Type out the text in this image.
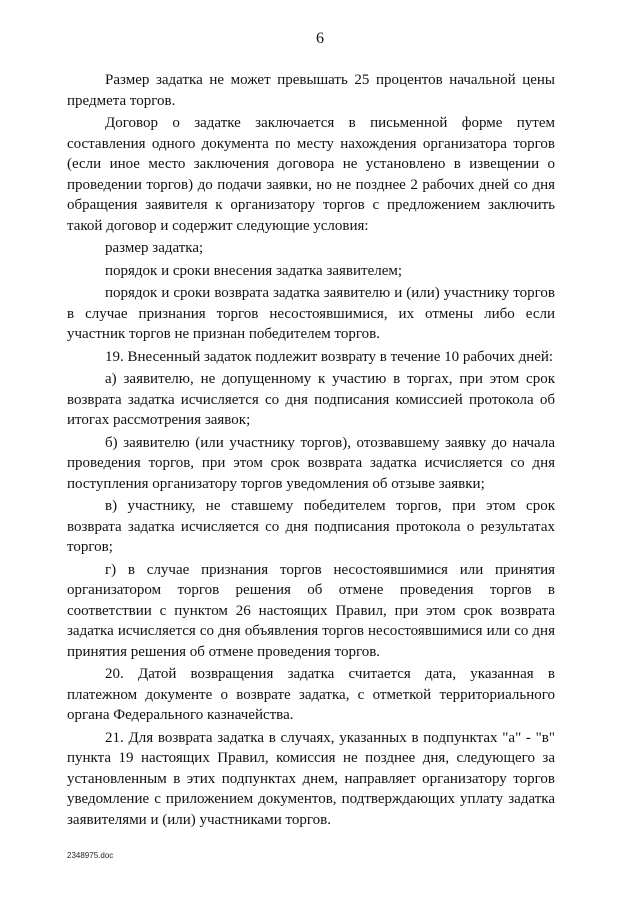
6

Размер задатка не может превышать 25 процентов начальной цены предмета торгов.

Договор о задатке заключается в письменной форме путем составления одного документа по месту нахождения организатора торгов (если иное место заключения договора не установлено в извещении о проведении торгов) до подачи заявки, но не позднее 2 рабочих дней со дня обращения заявителя к организатору торгов с предложением заключить такой договор и содержит следующие условия:

размер задатка;

порядок и сроки внесения задатка заявителем;

порядок и сроки возврата задатка заявителю и (или) участнику торгов в случае признания торгов несостоявшимися, их отмены либо если участник торгов не признан победителем торгов.

19. Внесенный задаток подлежит возврату в течение 10 рабочих дней:

а) заявителю, не допущенному к участию в торгах, при этом срок возврата задатка исчисляется со дня подписания комиссией протокола об итогах рассмотрения заявок;

б) заявителю (или участнику торгов), отозвавшему заявку до начала проведения торгов, при этом срок возврата задатка исчисляется со дня поступления организатору торгов уведомления об отзыве заявки;

в) участнику, не ставшему победителем торгов, при этом срок возврата задатка исчисляется со дня подписания протокола о результатах торгов;

г) в случае признания торгов несостоявшимися или принятия организатором торгов решения об отмене проведения торгов в соответствии с пунктом 26 настоящих Правил, при этом срок возврата задатка исчисляется со дня объявления торгов несостоявшимися или со дня принятия решения об отмене проведения торгов.

20. Датой возвращения задатка считается дата, указанная в платежном документе о возврате задатка, с отметкой территориального органа Федерального казначейства.

21. Для возврата задатка в случаях, указанных в подпунктах "а" - "в" пункта 19 настоящих Правил, комиссия не позднее дня, следующего за установленным в этих подпунктах днем, направляет организатору торгов уведомление с приложением документов, подтверждающих уплату задатка заявителями и (или) участниками торгов.

2348975.doc
